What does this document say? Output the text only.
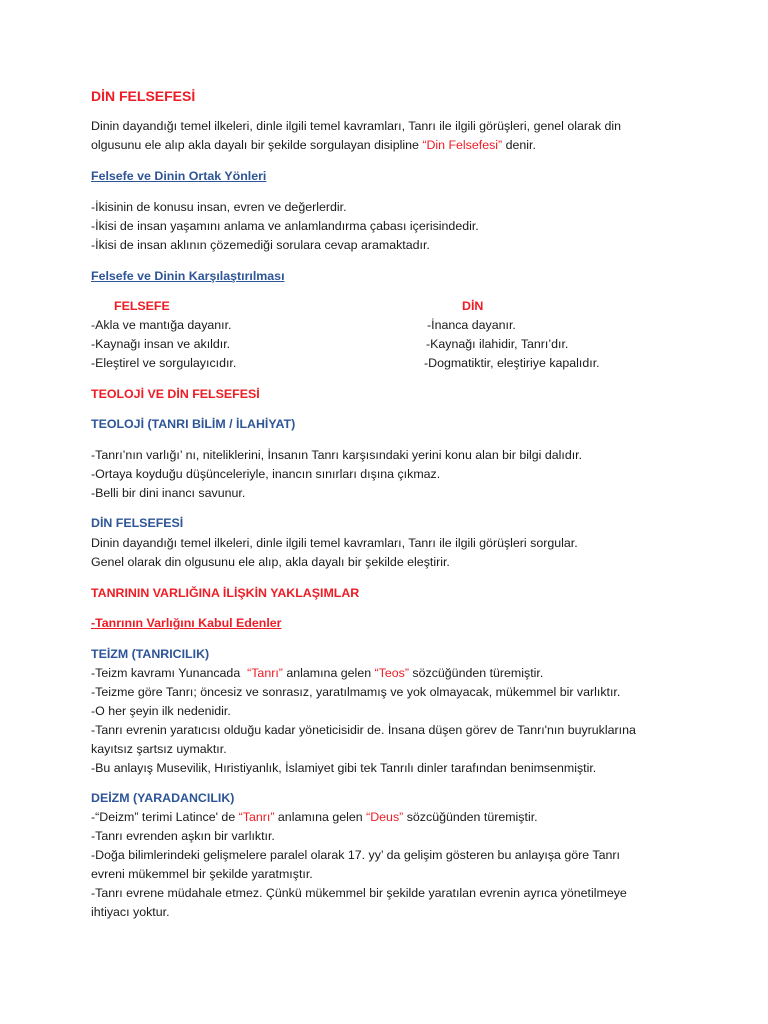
DİN FELSEFESİ
Dinin dayandığı temel ilkeleri, dinle ilgili temel kavramları, Tanrı ile ilgili görüşleri, genel olarak din
olgusunu ele alıp akla dayalı bir şekilde sorgulayan disipline “Din Felsefesi” denir.
Felsefe ve Dinin Ortak Yönleri
-İkisinin de konusu insan, evren ve değerlerdir.
-İkisi de insan yaşamını anlama ve anlamlandırma çabası içerisindedir.
-İkisi de insan aklının çözemediği sorulara cevap aramaktadır.
Felsefe ve Dinin Karşılaştırılması
FELSEFE	DİN
-Akla ve mantığa dayanır.
-Kaynağı insan ve akıldır.
-Eleştirel ve sorgulayıcıdır.
-İnanca dayanır.
-Kaynağı ilahidir, Tanrı’dır.
-Dogmatiktir, eleştiriye kapalıdır.
TEOLOJİ VE DİN FELSEFESİ
TEOLOJİ (TANRI BİLİM / İLAHİYAT)
-Tanrı’nın varlığı’ nı, niteliklerini, İnsanın Tanrı karşısındaki yerini konu alan bir bilgi dalıdır.
-Ortaya koyduğu düşünceleriyle, inancın sınırları dışına çıkmaz.
-Belli bir dini inancı savunur.
DİN FELSEFESİ
Dinin dayandığı temel ilkeleri, dinle ilgili temel kavramları, Tanrı ile ilgili görüşleri sorgular.
Genel olarak din olgusunu ele alıp, akla dayalı bir şekilde eleştirir.
TANRININ VARLIĞINA İLİŞKİN YAKLAŞIMLAR
-Tanrının Varlığını Kabul Edenler
TEİZM (TANRICILIK)
-Teizm kavramı Yunancada  “Tanrı” anlamına gelen “Teos” sözcüğünden türemiştir.
-Teizme göre Tanrı; öncesiz ve sonrasız, yaratılmamış ve yok olmayacak, mükemmel bir varlıktır.
-O her şeyin ilk nedenidir.
-Tanrı evrenin yaratıcısı olduğu kadar yöneticisidir de. İnsana düşen görev de Tanrı'nın buyruklarına
kayıtsız şartsız uymaktır.
-Bu anlayış Musevilik, Hıristiyanlık, İslamiyet gibi tek Tanrılı dinler tarafından benimsenmiştir.
DEİZM (YARADANCILIK)
-“Deizm” terimi Latince' de “Tanrı” anlamına gelen “Deus” sözcüğünden türemiştir.
-Tanrı evrenden aşkın bir varlıktır.
-Doğa bilimlerindeki gelişmelere paralel olarak 17. yy’ da gelişim gösteren bu anlayışa göre Tanrı
evreni mükemmel bir şekilde yaratmıştır.
-Tanrı evrene müdahale etmez. Çünkü mükemmel bir şekilde yaratılan evrenin ayrıca yönetilmeye
ihtiyacı yoktur.
